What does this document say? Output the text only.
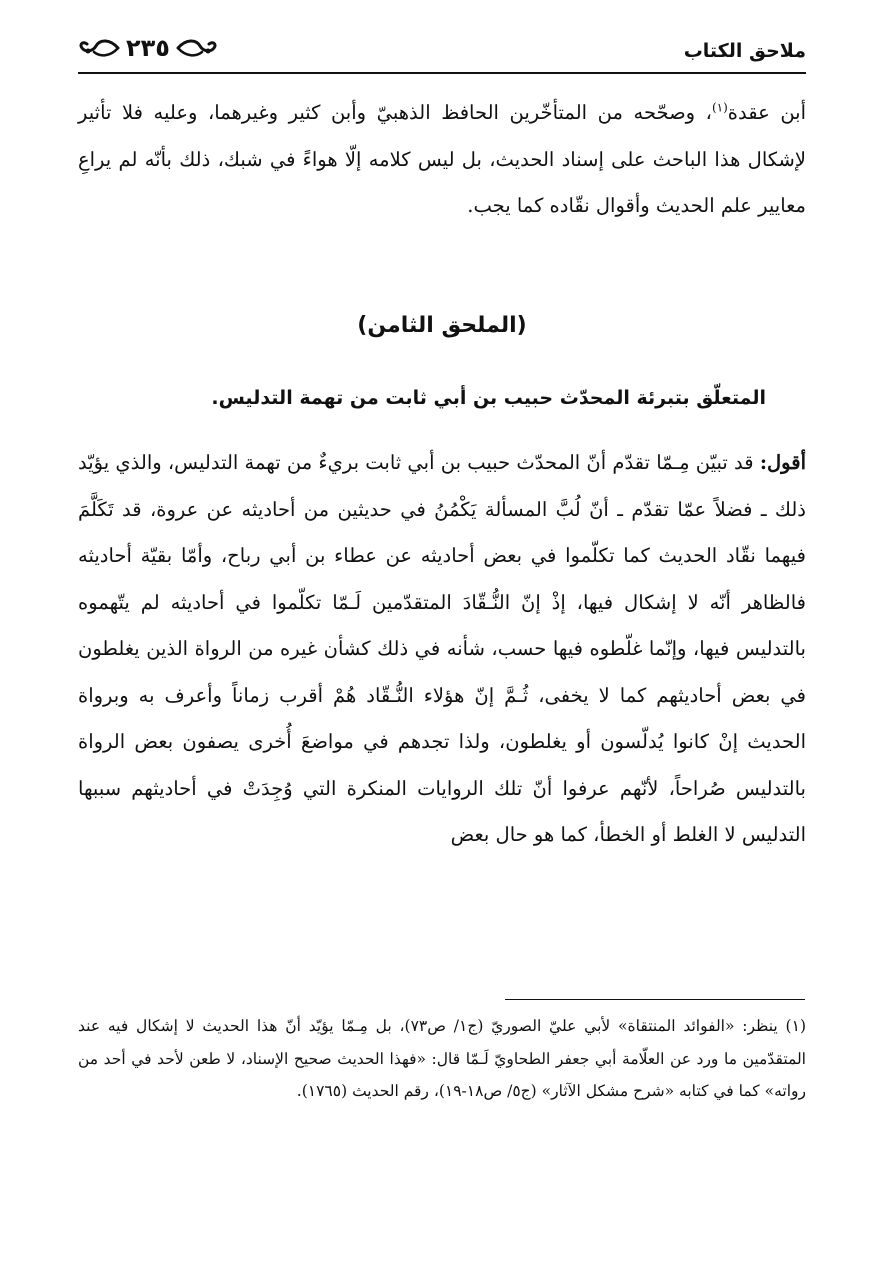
ملاحق الكتاب
٢٣٥

أبن عقدة$^{(١)}$، وصحّحه من المتأخّرين الحافظ الذهبيّ وأبن كثير وغيرهما، وعليه فلا تأثير لإشكال هذا الباحث على إسناد الحديث، بل ليس كلامه إلّا هواءً في شبك، ذلك بأنّه لم يراعِ معايير علم الحديث وأقوال نقّاده كما يجب.

(الملحق الثامن)
المتعلّق بتبرئة المحدّث حبيب بن أبي ثابت من تهمة التدليس.

أقول: قد تبيّن مِـمّا تقدّم أنّ المحدّث حبيب بن أبي ثابت بريءٌ من تهمة التدليس، والذي يؤيّد ذلك ـ فضلاً عمّا تقدّم ـ أنّ لُبَّ المسألة يَكْمُنُ في حديثين من أحاديثه عن عروة، قد تَكَلَّمَ فيهما نقّاد الحديث كما تكلّموا في بعض أحاديثه عن عطاء بن أبي رباح، وأمّا بقيّة أحاديثه فالظاهر أنّه لا إشكال فيها، إذْ إنّ النُّـقّادَ المتقدّمين لَـمّا تكلّموا في أحاديثه لم يتّهموه بالتدليس فيها، وإنّما غلّطوه فيها حسب، شأنه في ذلك كشأن غيره من الرواة الذين يغلطون في بعض أحاديثهم كما لا يخفى، ثُـمَّ إنّ هؤلاء النُّـقّاد هُمْ أقرب زماناً وأعرف به وبرواة الحديث إنْ كانوا يُدلّسون أو يغلطون، ولذا تجدهم في مواضعَ أُخرى يصفون بعض الرواة بالتدليس صُراحاً، لأنّهم عرفوا أنّ تلك الروايات المنكرة التي وُجِدَتْ في أحاديثهم سببها التدليس لا الغلط أو الخطأ، كما هو حال بعض

(١) ينظر: «الفوائد المنتقاة» لأبي عليّ الصوريّ (ج١/ ص٧٣)، بل مِـمّا يؤيّد أنّ هذا الحديث لا إشكال فيه عند المتقدّمين ما ورد عن العلّامة أبي جعفر الطحاويّ لَـمّا قال: «فهذا الحديث صحيح الإسناد، لا طعن لأحد في أحد من رواته» كما في كتابه «شرح مشكل الآثار» (ج٥/ ص١٨-١٩)، رقم الحديث (١٧٦٥).
